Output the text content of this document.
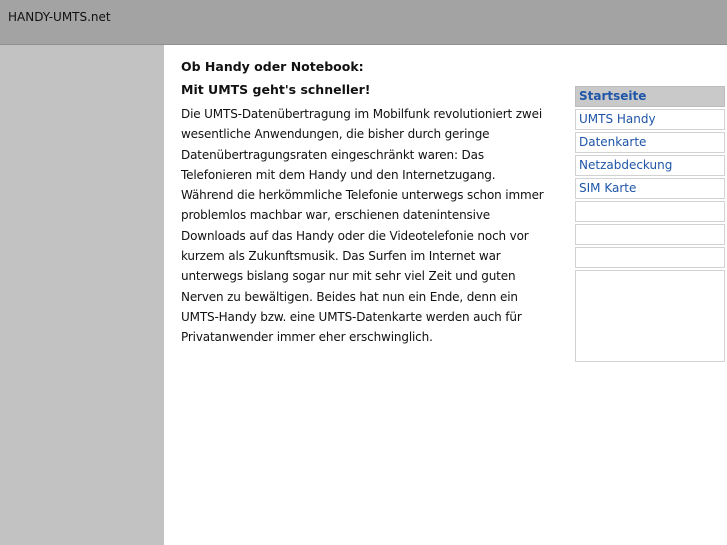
HANDY-UMTS.net

Ob Handy oder Notebook:

Mit UMTS geht's schneller!

Die UMTS-Datenübertragung im Mobilfunk revolutioniert zwei wesentliche Anwendungen, die bisher durch geringe Datenübertragungsraten eingeschränkt waren: Das Telefonieren mit dem Handy und den Internetzugang. Während die herkömmliche Telefonie unterwegs schon immer problemlos machbar war, erschienen datenintensive Downloads auf das Handy oder die Videotelefonie noch vor kurzem als Zukunftsmusik. Das Surfen im Internet war unterwegs bislang sogar nur mit sehr viel Zeit und guten Nerven zu bewältigen. Beides hat nun ein Ende, denn ein UMTS-Handy bzw. eine UMTS-Datenkarte werden auch für Privatanwender immer eher erschwinglich.

Startseite
UMTS Handy
Datenkarte
Netzabdeckung
SIM Karte
